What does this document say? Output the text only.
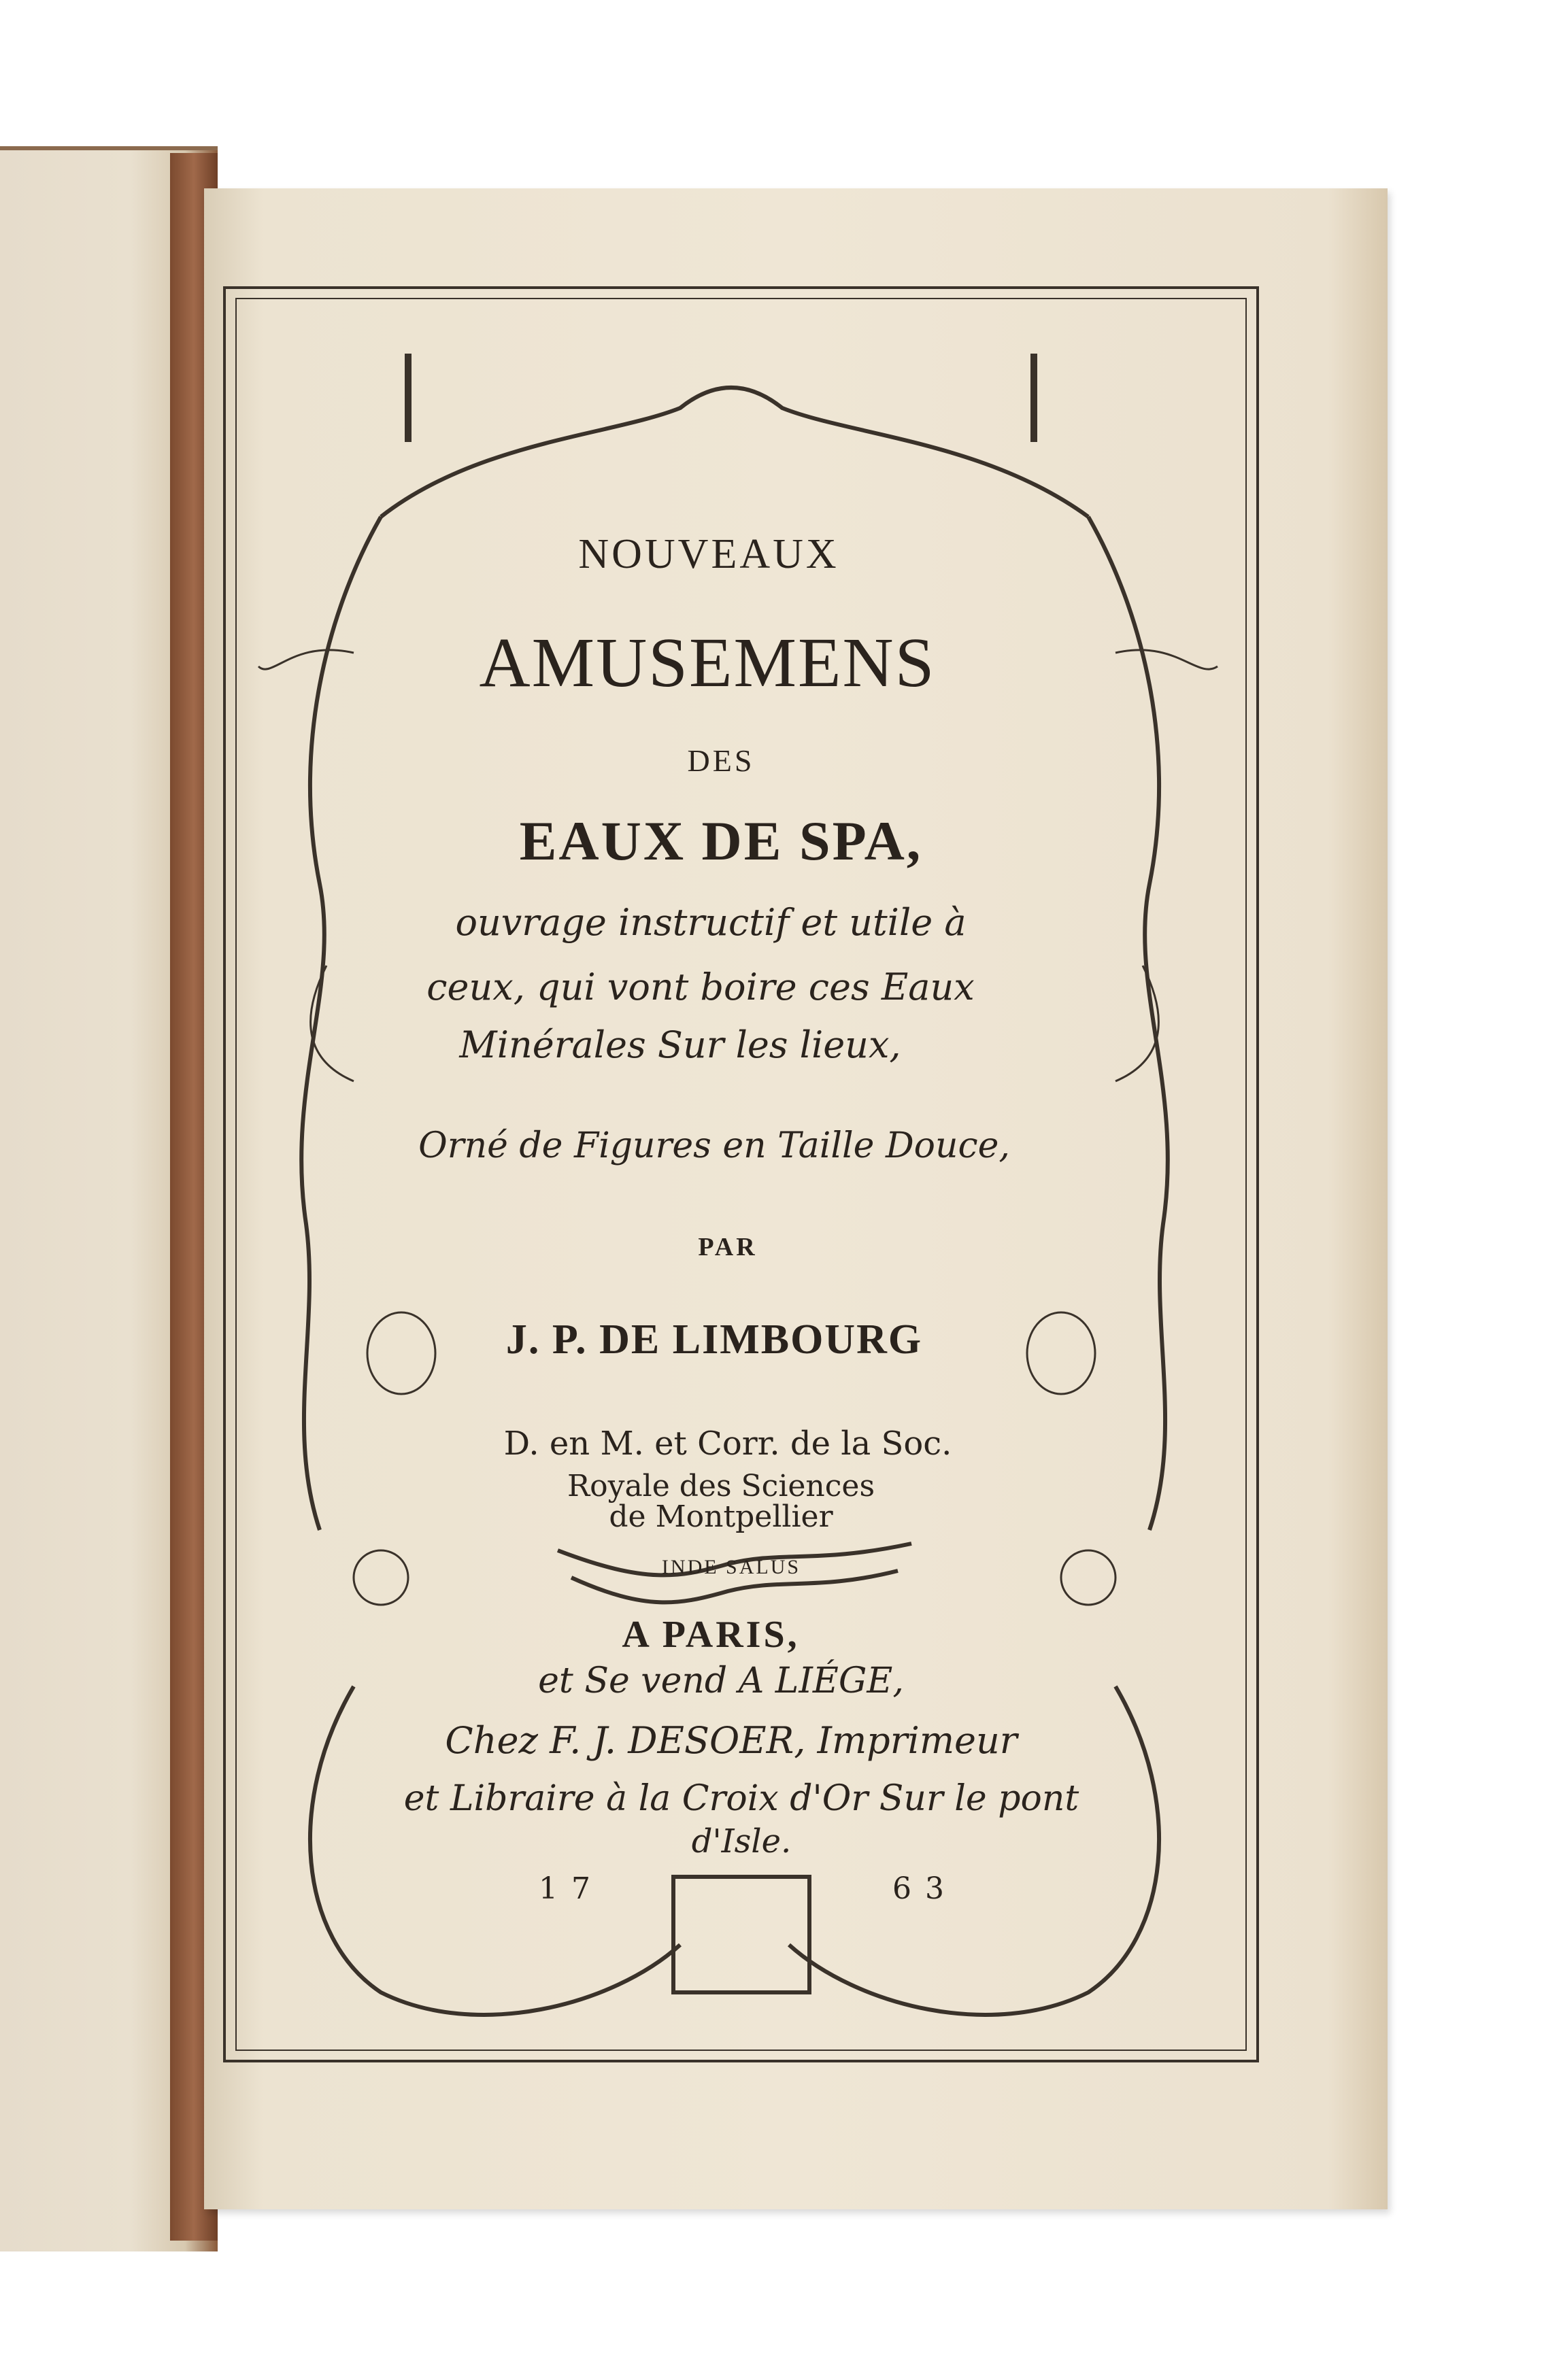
NOUVEAUX
AMUSEMENS
DES
EAUX DE SPA,
ouvrage instructif et utile à
ceux, qui vont boire ces Eaux
Minérales Sur les lieux,
Orné de Figures en Taille Douce,
PAR
J. P. DE LIMBOURG
D. en M. et Corr. de la Soc.
Royale des Sciences
de Montpellier
INDE SALUS
A PARIS,
et Se vend A LIÉGE,
Chez F. J. DESOER, Imprimeur
et Libraire à la Croix d'Or Sur le pont
d'Isle.
17	63
